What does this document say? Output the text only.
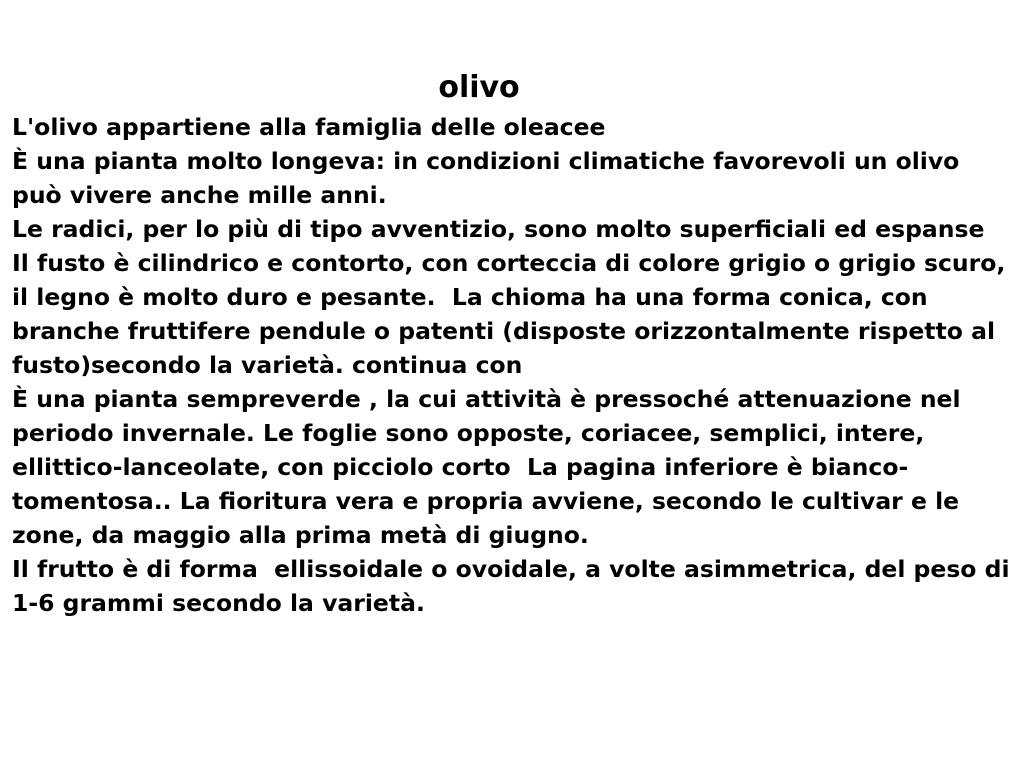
olivo

L'olivo appartiene alla famiglia delle oleacee

È una pianta molto longeva: in condizioni climatiche favorevoli un olivo può vivere anche mille anni.

Le radici, per lo più di tipo avventizio, sono molto superficiali ed espanse

Il fusto è cilindrico e contorto, con corteccia di colore grigio o grigio scuro, il legno è molto duro e pesante.  La chioma ha una forma conica, con branche fruttifere pendule o patenti (disposte orizzontalmente rispetto al fusto)secondo la varietà. continua con

È una pianta sempreverde , la cui attività è pressoché attenuazione nel periodo invernale. Le foglie sono opposte, coriacee, semplici, intere, ellittico-lanceolate, con picciolo corto  La pagina inferiore è bianco-tomentosa.. La fioritura vera e propria avviene, secondo le cultivar e le zone, da maggio alla prima metà di giugno.

Il frutto è di forma  ellissoidale o ovoidale, a volte asimmetrica, del peso di 1-6 grammi secondo la varietà.
